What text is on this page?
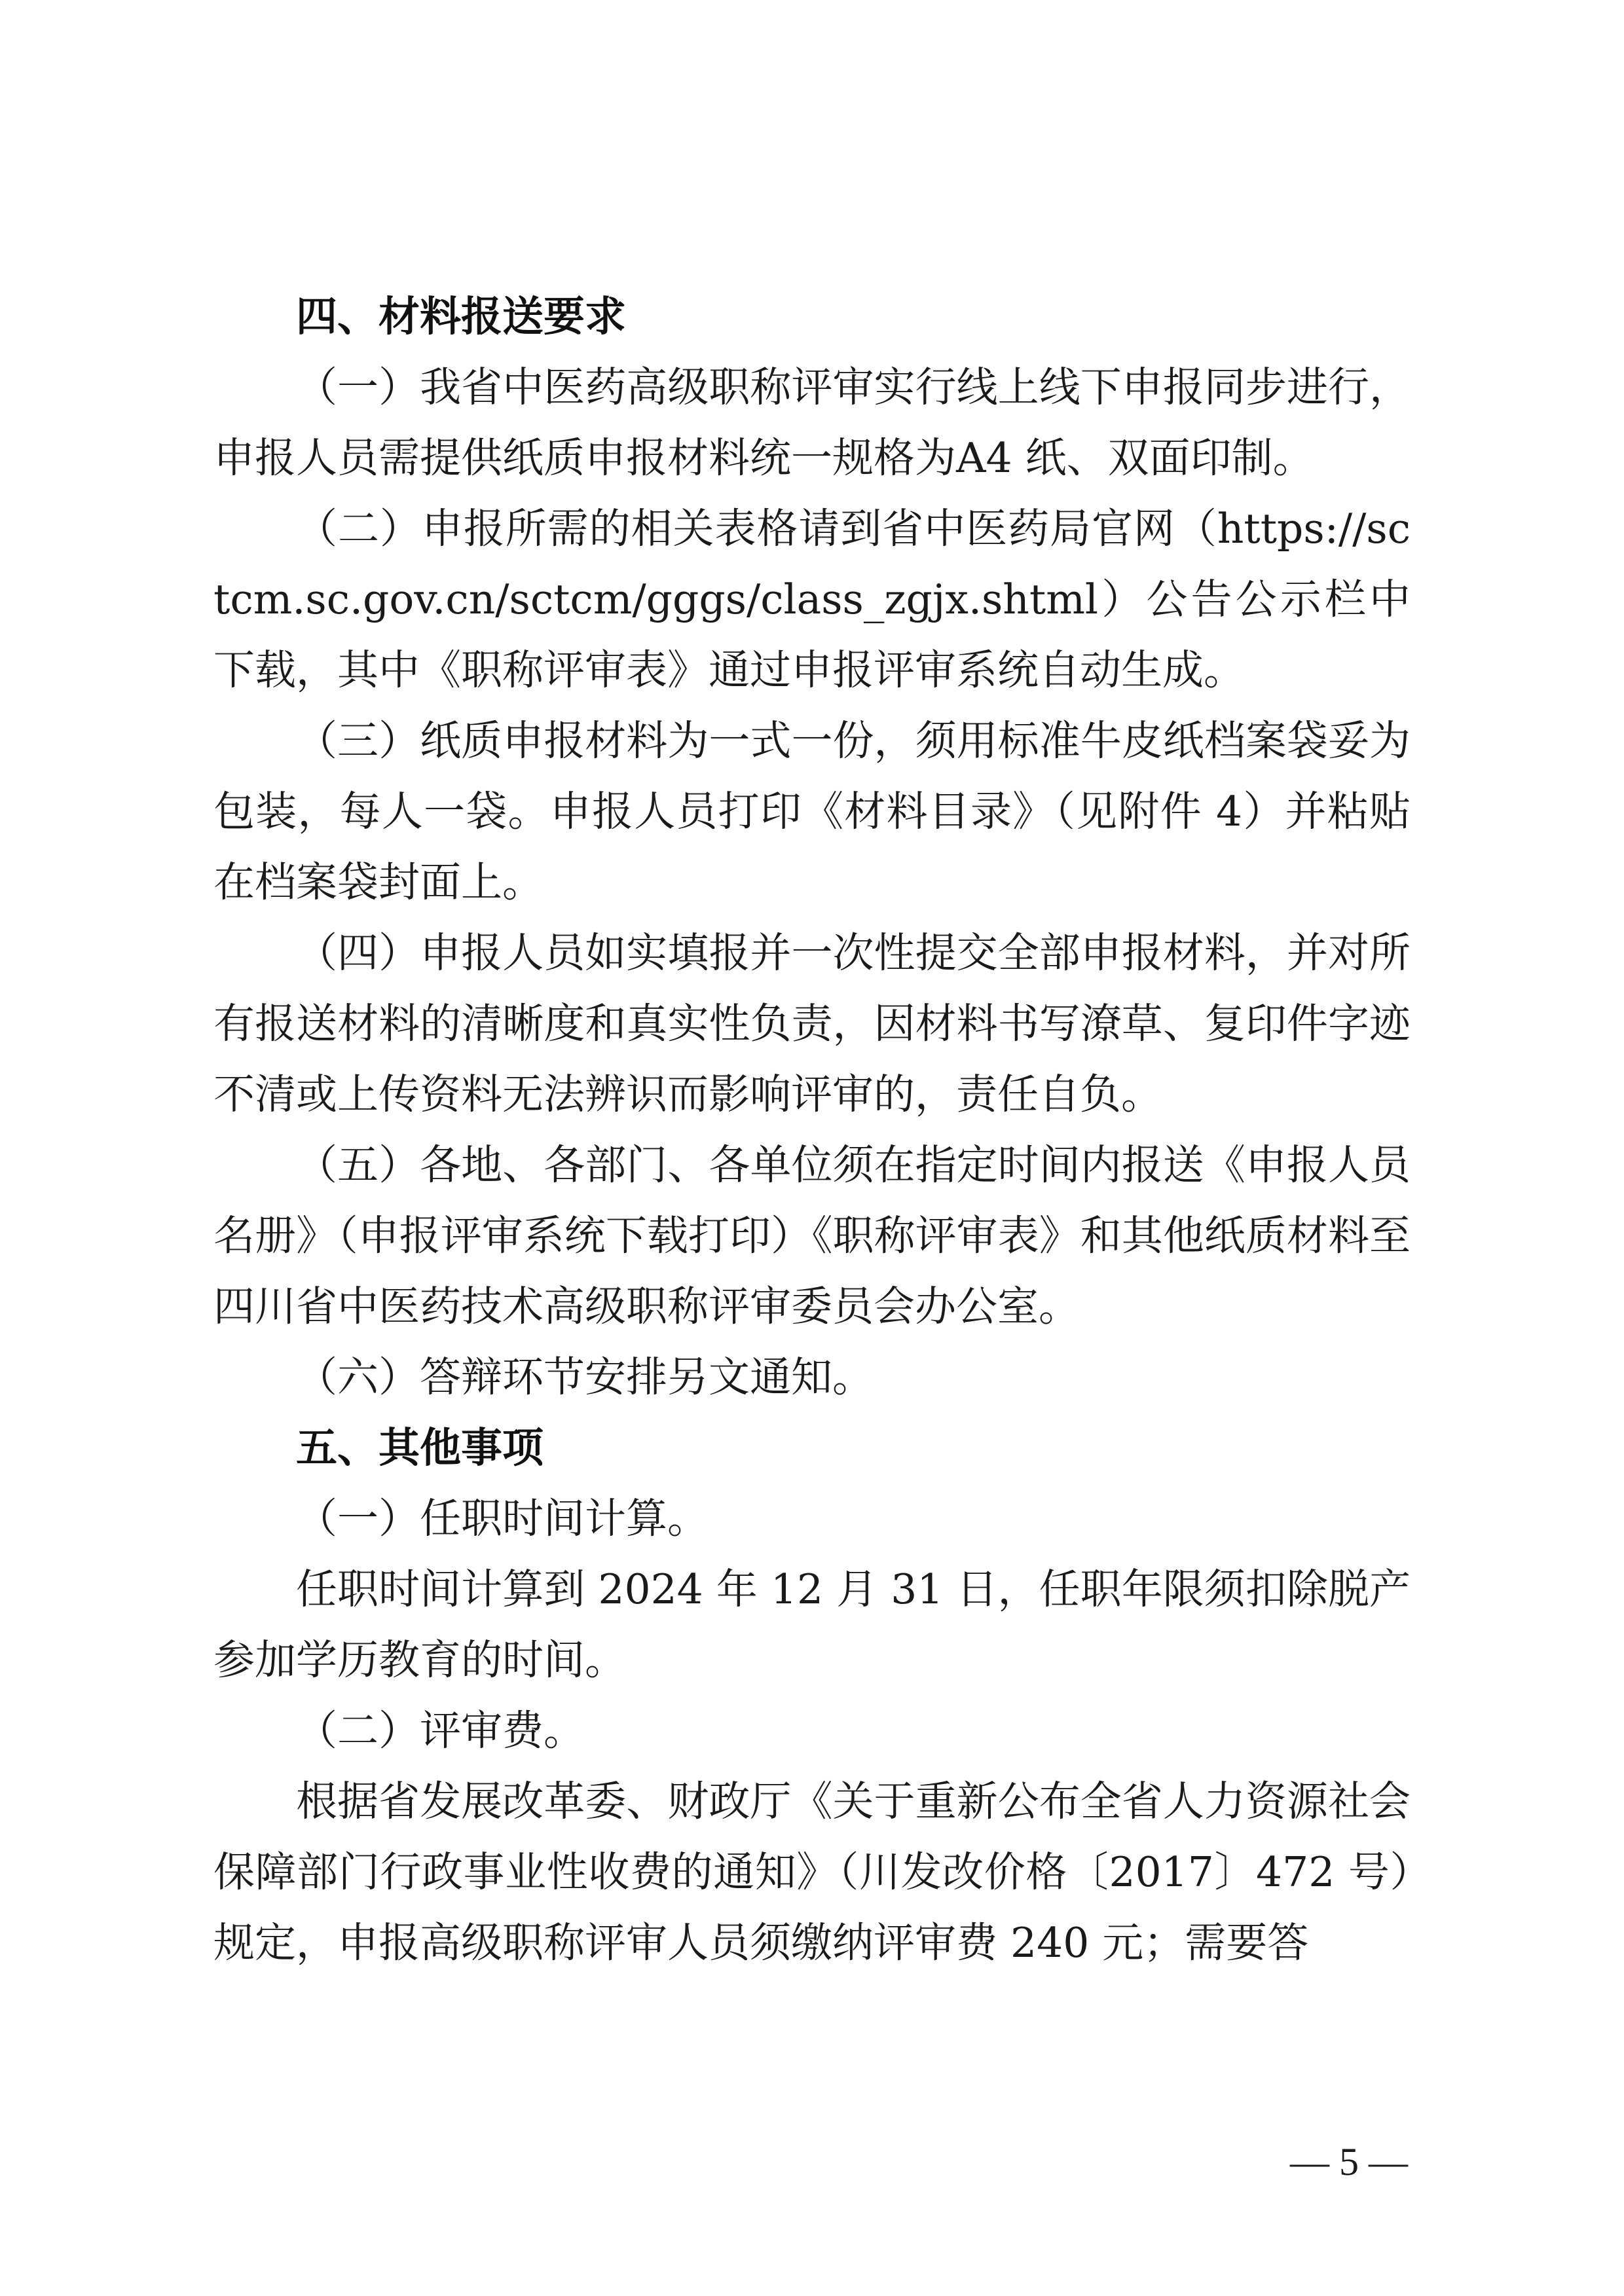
四、材料报送要求

（一）我省中医药高级职称评审实行线上线下申报同步进行，申报人员需提供纸质申报材料统一规格为A4 纸、双面印制。

（二）申报所需的相关表格请到省中医药局官网（https://sctcm.sc.gov.cn/sctcm/gggs/class_zgjx.shtml）公告公示栏中下载，其中《职称评审表》通过申报评审系统自动生成。

（三）纸质申报材料为一式一份，须用标准牛皮纸档案袋妥为包装，每人一袋。申报人员打印《材料目录》（见附件 4）并粘贴在档案袋封面上。

（四）申报人员如实填报并一次性提交全部申报材料，并对所有报送材料的清晰度和真实性负责，因材料书写潦草、复印件字迹不清或上传资料无法辨识而影响评审的，责任自负。

（五）各地、各部门、各单位须在指定时间内报送《申报人员名册》（申报评审系统下载打印）《职称评审表》和其他纸质材料至四川省中医药技术高级职称评审委员会办公室。

（六）答辩环节安排另文通知。

五、其他事项

（一）任职时间计算。

任职时间计算到 2024 年 12 月 31 日，任职年限须扣除脱产参加学历教育的时间。

（二）评审费。

根据省发展改革委、财政厅《关于重新公布全省人力资源社会保障部门行政事业性收费的通知》（川发改价格〔2017〕472 号）规定，申报高级职称评审人员须缴纳评审费 240 元；需要答

— 5 —
